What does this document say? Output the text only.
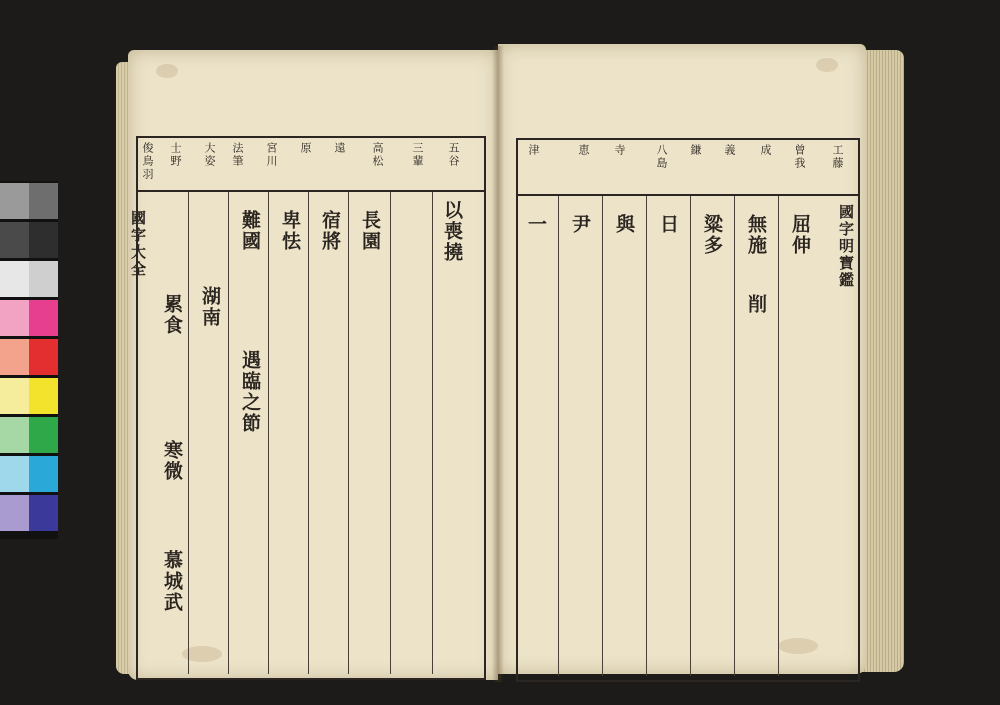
俊鳥羽 士野 大姿 法筆 宮川 原 遠 高松 三輩 五谷
國字大全	以喪撓
長園
宿將
卑怯
難國
累食 湖南
遇臨之節
寒微
慕城武
工藤
曾我
成
義
鎌
八島
寺
恵
津
國字明寶鑑
屈伸
無施
削
粱多
日
與
尹
一
